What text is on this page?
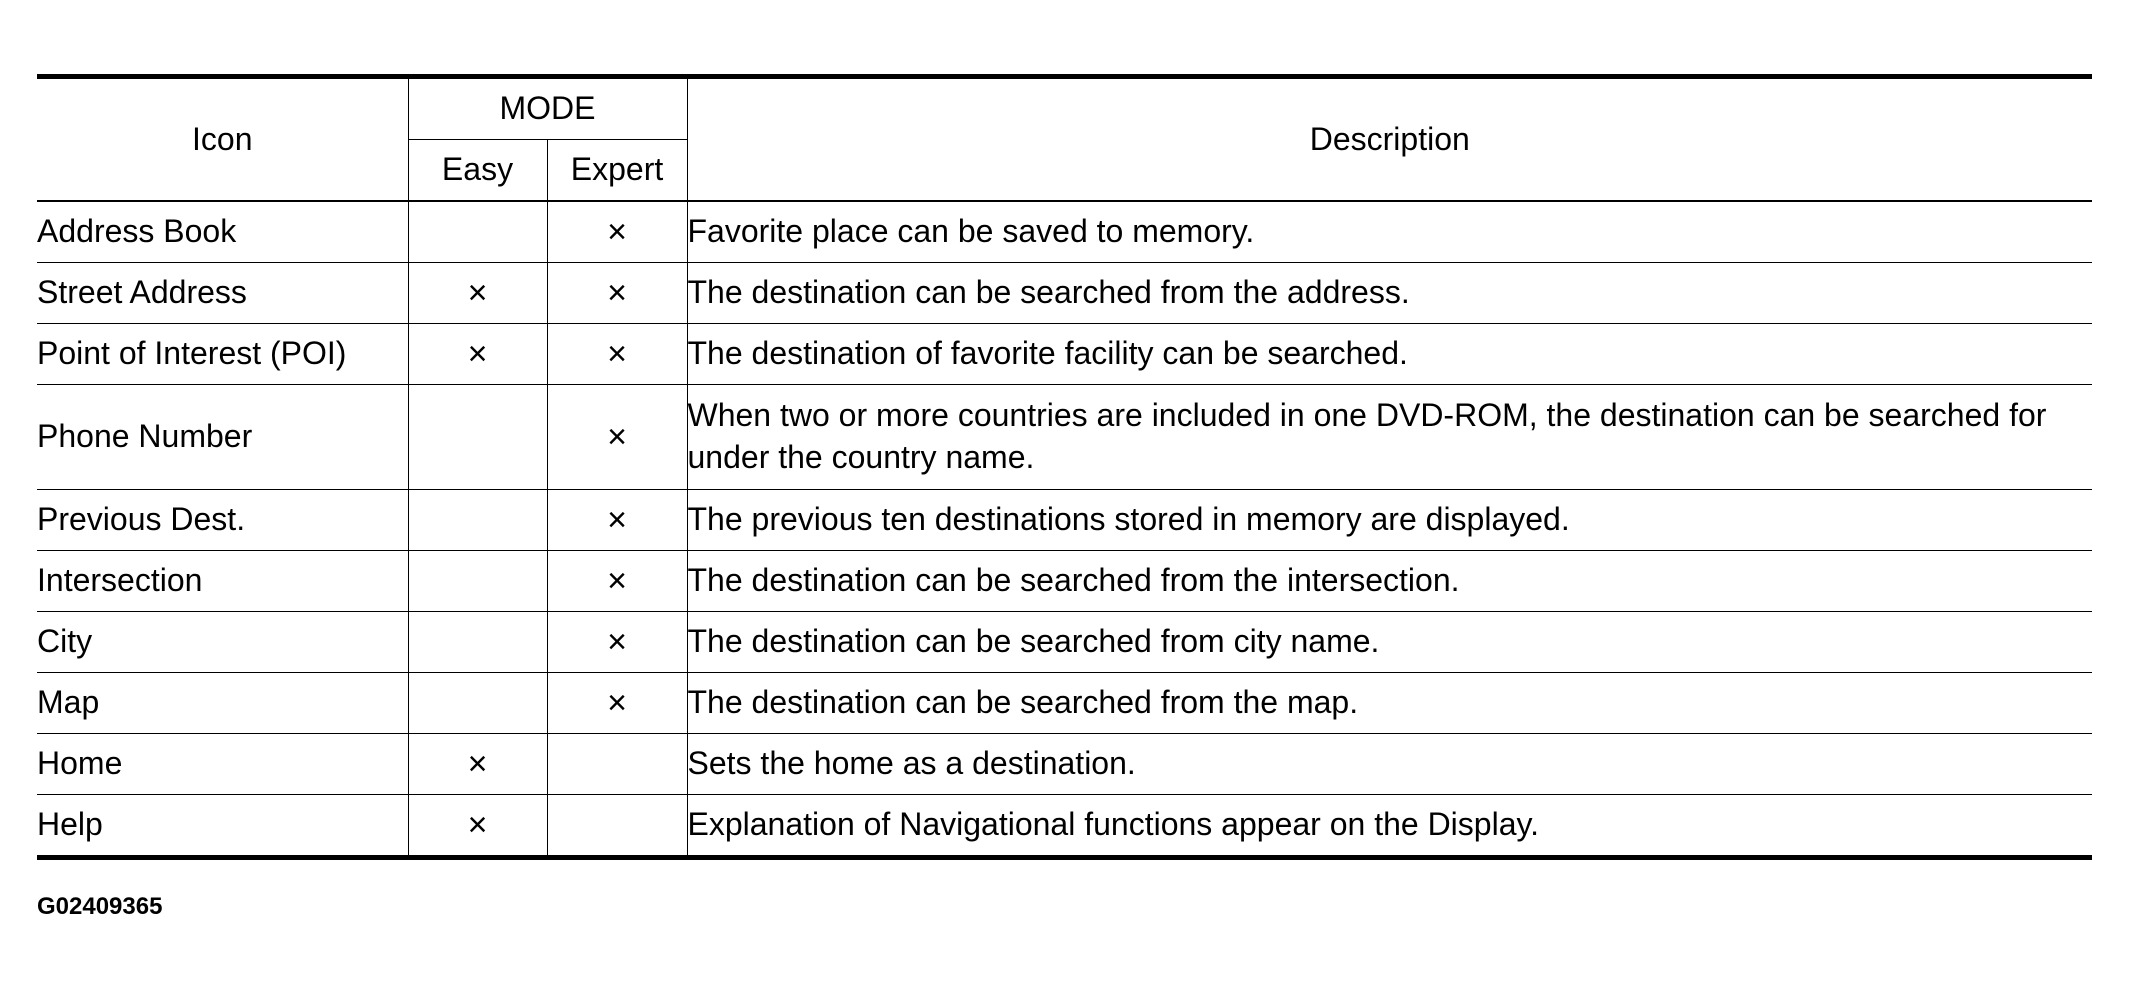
Icon	MODE		Description
	Easy	Expert	
Address Book		×	Favorite place can be saved to memory.
Street Address	×	×	The destination can be searched from the address.
Point of Interest (POI)	×	×	The destination of favorite facility can be searched.
Phone Number		×	When two or more countries are included in one DVD-ROM, the destination can be searched for under the country name.
Previous Dest.		×	The previous ten destinations stored in memory are displayed.
Intersection		×	The destination can be searched from the intersection.
City		×	The destination can be searched from city name.
Map		×	The destination can be searched from the map.
Home	×		Sets the home as a destination.
Help	×		Explanation of Navigational functions appear on the Display.
G02409365
